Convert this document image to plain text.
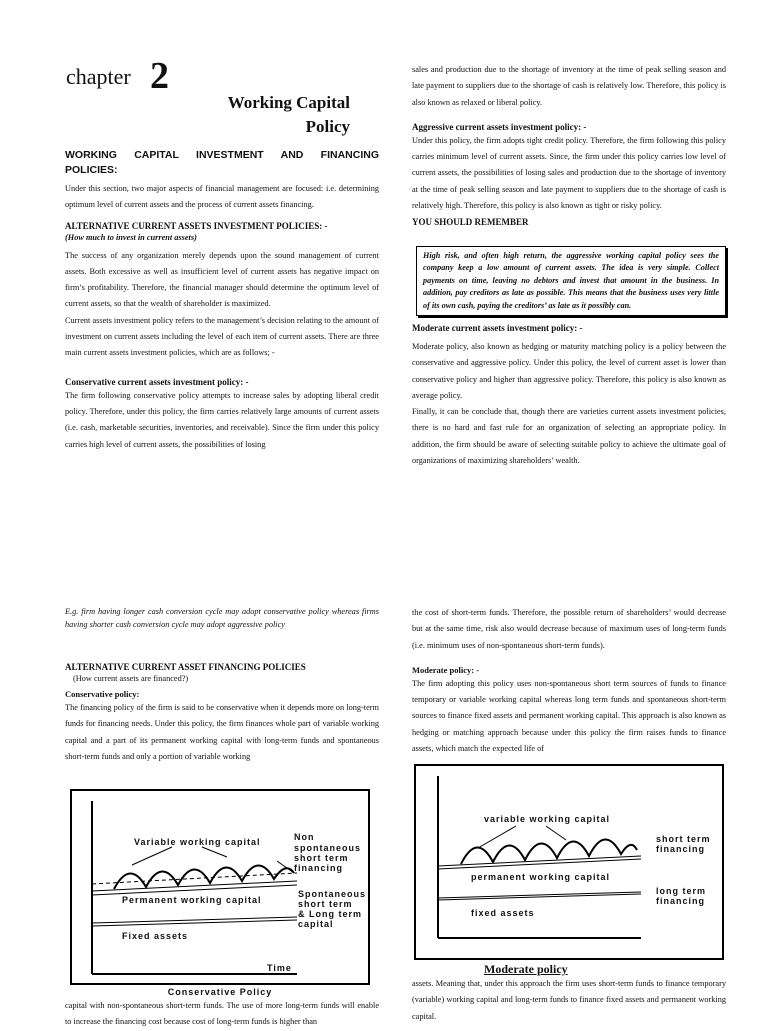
chapter 2
Working Capital
Policy

WORKING CAPITAL INVESTMENT AND FINANCING POLICIES:

Under this section, two major aspects of financial management are focused: i.e. determining optimum level of current assets and the process of current assets financing.

ALTERNATIVE CURRENT ASSETS INVESTMENT POLICIES: -

(How much to invest in current assets)

The success of any organization merely depends upon the sound management of current assets. Both excessive as well as insufficient level of current assets has negative impact on firm’s profitability. Therefore, the financial manager should determine the optimum level of current assets, so that the wealth of shareholder is maximized.

Current assets investment policy refers to the management’s decision relating to the amount of investment on current assets including the level of each item of current assets. There are three main current assets investment policies, which are as follows; -

Conservative current assets investment policy: -

The firm following conservative policy attempts to increase sales by adopting liberal credit policy. Therefore, under this policy, the firm carries relatively large amounts of current assets (i.e. cash, marketable securities, inventories, and receivable). Since the firm under this policy carries high level of current assets, the possibilities of losing

sales and production due to the shortage of inventory at the time of peak selling season and late payment to suppliers due to the shortage of cash is relatively low. Therefore, this policy is also known as relaxed or liberal policy.

Aggressive current assets investment policy: -

Under this policy, the firm adopts tight credit policy. Therefore, the firm following this policy carries minimum level of current assets. Since, the firm under this policy carries low level of current assets, the possibilities of losing sales and production due to the shortage of inventory at the time of peak selling season and late payment to suppliers due to the shortage of cash is relatively high. Therefore, this policy is also known as tight or risky policy.

YOU SHOULD REMEMBER

High risk, and often high return, the aggressive working capital policy sees the company keep a low amount of current assets. The idea is very simple. Collect payments on time, leaving no debtors and invest that amount in the business. In addition, pay creditors as late as possible. This means that the business uses very little of its own cash, paying the creditors’ as late as it possibly can.

Moderate current assets investment policy: -

Moderate policy, also known as hedging or maturity matching policy is a policy between the conservative and aggressive policy. Under this policy, the level of current asset is lower than conservative policy and higher than aggressive policy. Therefore, this policy is also known as average policy.

Finally, it can be conclude that, though there are varieties current assets investment policies, there is no hard and fast rule for an organization of selecting an appropriate policy. In addition, the firm should be aware of selecting suitable policy to achieve the ultimate goal of organizations of maximizing shareholders’ wealth.

E.g. firm having longer cash conversion cycle may adopt conservative policy whereas firms having shorter cash conversion cycle may adopt aggressive policy

ALTERNATIVE CURRENT ASSET FINANCING POLICIES

(How current assets are financed?)

Conservative policy:

The financing policy of the firm is said to be conservative when it depends more on long-term funds for financing needs. Under this policy, the firm finances whole part of variable working capital and a part of its permanent working capital with long-term funds and spontaneous short-term funds and only a portion of variable working

Variable working capital	Non
spontaneous
short term
financing
Permanent working capital
Spontaneous
short term
& Long term
capital
Fixed assets
Time
Conservative Policy

capital with non-spontaneous short-term funds. The use of more long-term funds will enable to increase the financing cost because cost of long-term funds is higher than

the cost of short-term funds. Therefore, the possible return of shareholders’ would decrease but at the same time, risk also would decrease because of maximum uses of long-term funds (i.e. minimum uses of non-spontaneous short-term funds).

Moderate policy: -

The firm adopting this policy uses non-spontaneous short term sources of funds to finance temporary or variable working capital whereas long term funds and spontaneous short-term sources to finance fixed assets and permanent working capital. This approach is also known as hedging or matching approach because under this policy the firm raises funds to finance assets, which match the expected life of

variable working capital
short term
financing
permanent working capital
long term
financing
fixed assets
Moderate policy

assets. Meaning that, under this approach the firm uses short-term funds to finance temporary (variable) working capital and long-term funds to finance fixed assets and permanent working capital.
